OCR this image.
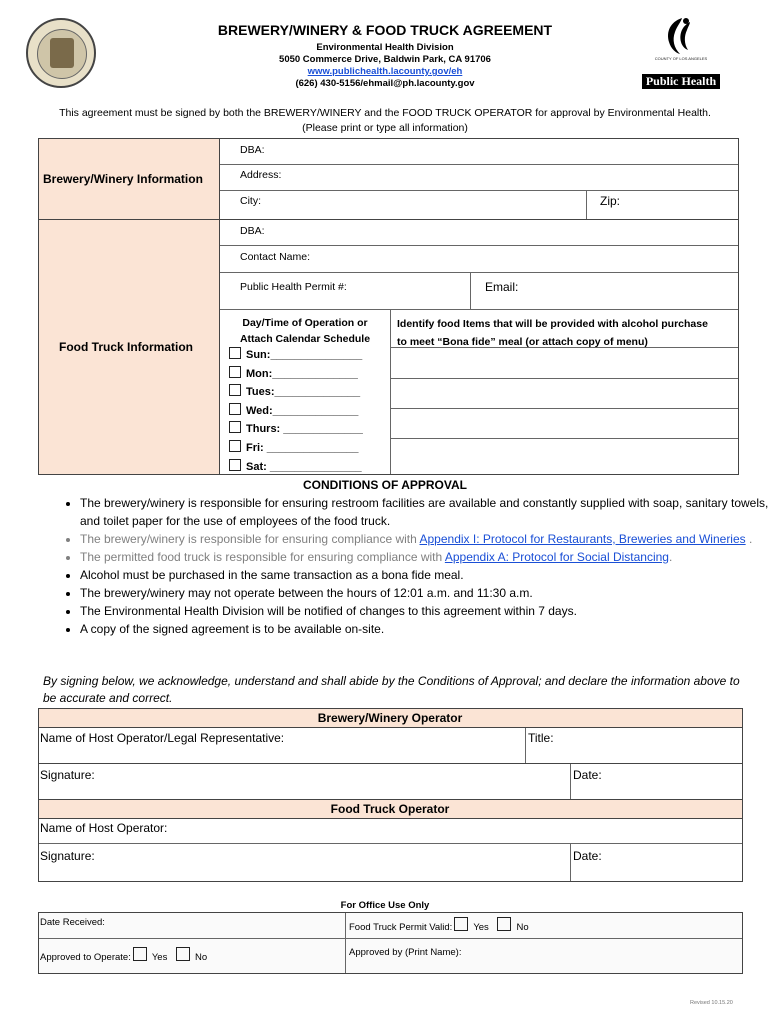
COUNTY OF LOS ANGELES
Public Health
BREWERY/WINERY & FOOD TRUCK AGREEMENT
Environmental Health Division
5050 Commerce Drive, Baldwin Park, CA 91706
www.publichealth.lacounty.gov/eh
(626) 430-5156/ehmail@ph.lacounty.gov
This agreement must be signed by both the BREWERY/WINERY and the FOOD TRUCK OPERATOR for approval by Environmental Health.
(Please print or type all information)
Brewery/Winery Information
DBA:
Address:
City:	Zip:
Food Truck Information
DBA:
Contact Name:
Public Health Permit #:	Email:
Day/Time of Operation or
Attach Calendar Schedule
Identify food Items that will be provided with alcohol purchase
to meet “Bona fide” meal (or attach copy of menu)
Sun:_______________
Mon:______________
Tues:______________
Wed:______________
Thurs: _____________
Fri: _______________
Sat: _______________
CONDITIONS OF APPROVAL
• The brewery/winery is responsible for ensuring restroom facilities are available and constantly supplied with soap, sanitary towels, and toilet paper for the use of employees of the food truck.
• The brewery/winery is responsible for ensuring compliance with Appendix I: Protocol for Restaurants, Breweries and Wineries .
• The permitted food truck is responsible for ensuring compliance with Appendix A: Protocol for Social Distancing.
• Alcohol must be purchased in the same transaction as a bona fide meal.
• The brewery/winery may not operate between the hours of 12:01 a.m. and 11:30 a.m.
• The Environmental Health Division will be notified of changes to this agreement within 7 days.
• A copy of the signed agreement is to be available on-site.
By signing below, we acknowledge, understand and shall abide by the Conditions of Approval; and declare the information above to be accurate and correct.
Brewery/Winery Operator
Name of Host Operator/Legal Representative:	Title:
Signature:	Date:
Food Truck Operator
Name of Host Operator:
Signature:	Date:
For Office Use Only
Date Received:	Food Truck Permit Valid: Yes	No
Approved to Operate: Yes	No	Approved by (Print Name):
Revised 10.15.20
